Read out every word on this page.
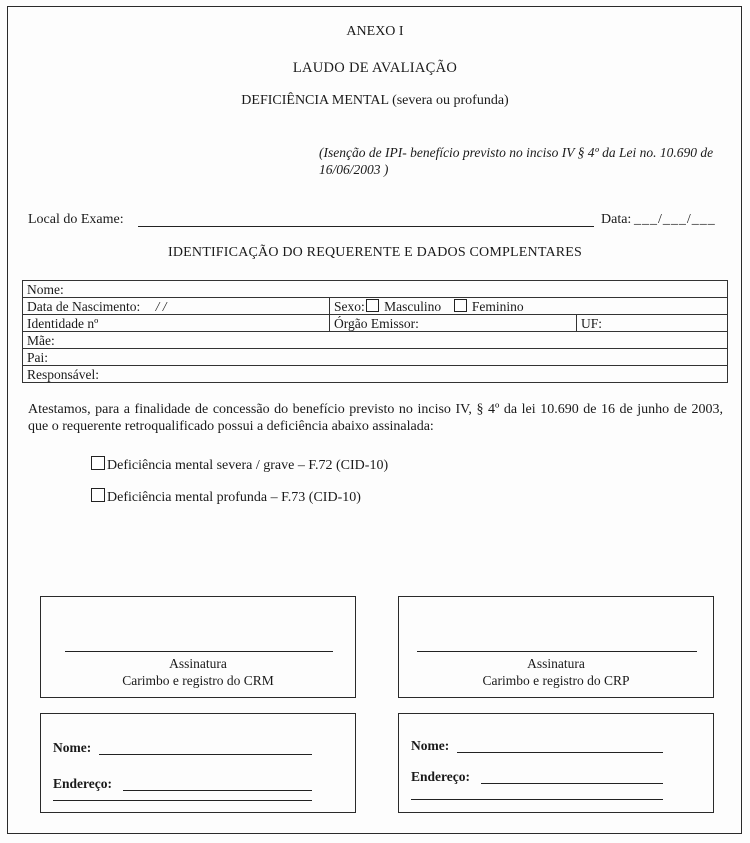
ANEXO I
LAUDO DE AVALIAÇÃO
DEFICIÊNCIA MENTAL (severa ou profunda)
(Isenção de IPI- benefício previsto no inciso IV § 4º da Lei no. 10.690 de 16/06/2003 )
Local do Exame:	Data: ___/___/___
IDENTIFICAÇÃO DO REQUERENTE E DADOS COMPLENTARES
Nome:		
Data de Nascimento: / /	Sexo: Masculino Feminino	
Identidade nº	Órgão Emissor:	UF:
Mãe:		
Pai:		
Responsável:		
Atestamos, para a finalidade de concessão do benefício previsto no inciso IV, § 4º da lei 10.690 de 16 de junho de 2003, que o requerente retroqualificado possui a deficiência abaixo assinalada:
Deficiência mental severa / grave – F.72 (CID-10)
Deficiência mental profunda – F.73 (CID-10)
Assinatura
Carimbo e registro do CRM
Assinatura
Carimbo e registro do CRP
Nome:
Endereço:
Nome:
Endereço:
